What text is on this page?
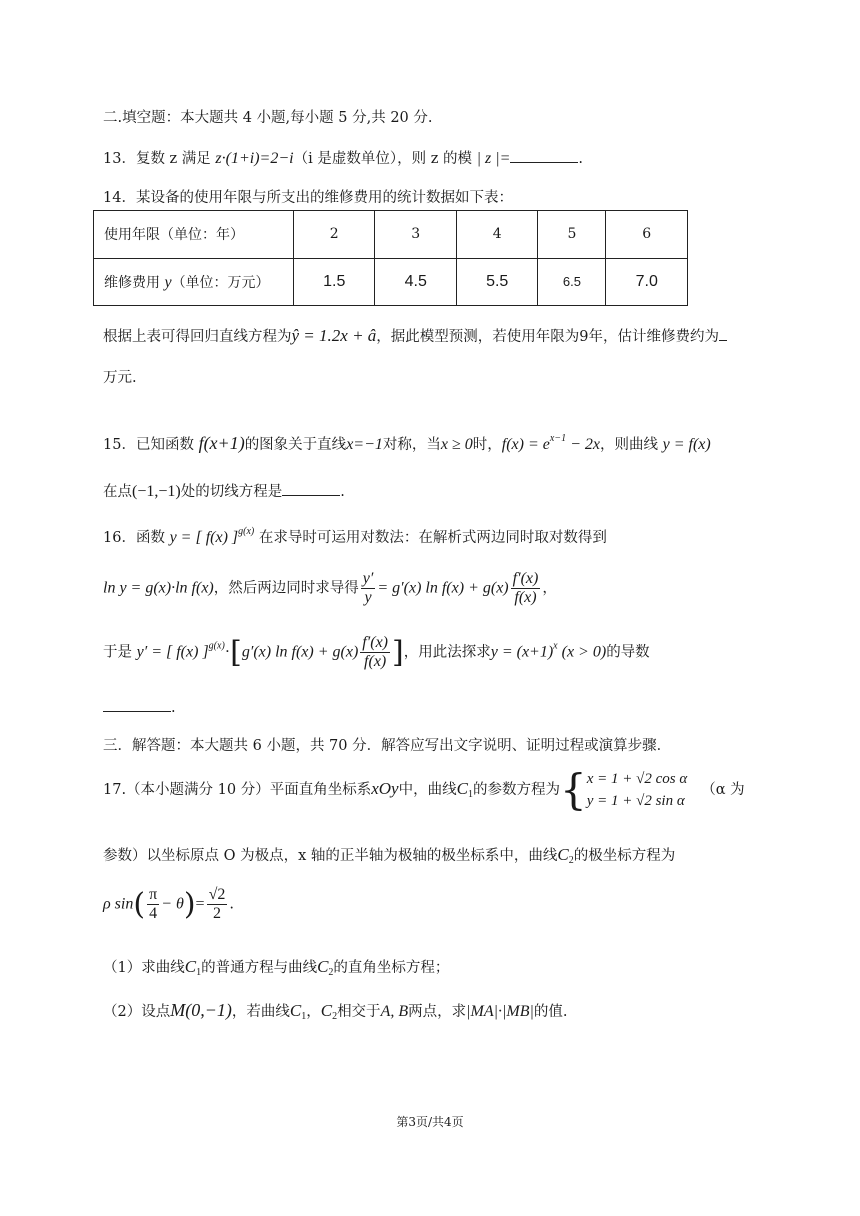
二.填空题：本大题共 4 小题,每小题 5 分,共 20 分.
13．复数 z 满足 z·(1+i)=2−i（i 是虚数单位），则 z 的模 | z |=	.
14．某设备的使用年限与所支出的维修费用的统计数据如下表：
使用年限（单位：年）	2	3	4	5	6
维修费用 y（单位：万元）	1.5	4.5	5.5	6.5	7.0
根据上表可得回归直线方程为ŷ = 1.2x + â，据此模型预测，若使用年限为9年，估计维修费约为
万元.
15．已知函数 f(x+1)的图象关于直线x=−1对称，当x ≥ 0时，$f(x) = e^{x-1} - 2x$，则曲线 y = f(x)
在点(−1,−1)处的切线方程是	.
16．函数 y = [ f(x) ]$^{g(x)}$ 在求导时可运用对数法：在解析式两边同时取对数得到
ln y = g(x)·ln f(x)，然后两边同时求导得 $\frac{y'}{y} = g'(x)$ $\ln f(x) + g(x) \frac{f'(x)}{f(x)}$ ，
于是 y′ = [ f(x) ]$^{g(x)}$·[g′(x) $\ln f(x) + g(x) \frac{f'(x)}{f(x)}$ ]，用此法探求$y = (x+1)^x$ (x > 0)的导数
.
三．解答题：本大题共 6 小题，共 70 分．解答应写出文字说明、证明过程或演算步骤．
17.（本小题满分 10 分）平面直角坐标系xOy中，曲线$C_1$的参数方程为{ x = 1 + √2 cos α
y = 1 + √2 sin α
（α 为
参数）以坐标原点 O 为极点，x 轴的正半轴为极轴的极坐标系中，曲线$C_2$的极坐标方程为
ρ $\sin( \frac{\pi}{4} - \theta)= \frac{√2}{2}$ .
（1）求曲线$C_1$的普通方程与曲线$C_2$的直角坐标方程；
（2）设点M(0,−1)，若曲线$C_1$，$C_2$相交于A, B两点，求|MA|·|MB|的值.
第3页/共4页
